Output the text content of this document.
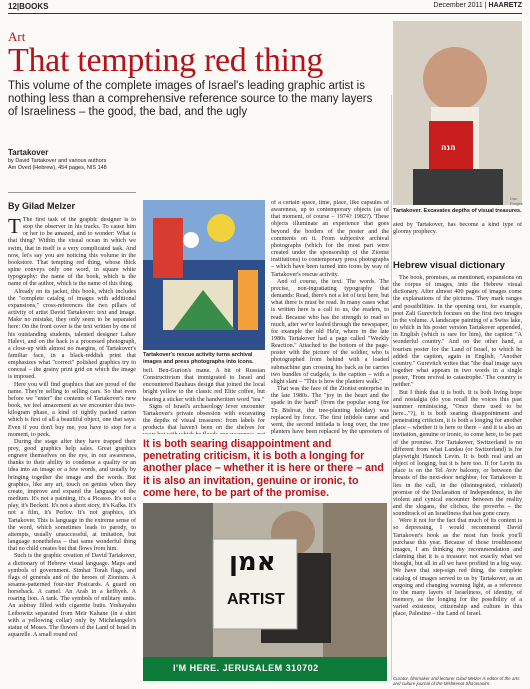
12|BOOKS	December 2011 | HAARETZ
Art
That tempting red thing
This volume of the complete images of Israel's leading graphic artist is nothing less than a comprehensive reference source to the many layers of Israeliness – the good, the bad, and the ugly
Tartakover
by David Tartakover and various authors
Am Oved (Hebrew), 454 pages, NIS 148
By Gilad Melzer

T The first task of the graphic designer is to stop the observer in his tracks. To cause him or her to be amazed, and to wonder: What is that thing? Within the visual ocean in which we swim, that in itself is a very complicated task. And now, let's say you are noticing this volume in the bookstore. That tempting red thing, whose thick spine conveys only one word, in square white typography: the name of the book, which is the name of the author, which is the name of this thing.

Already on its jacket, this book, which includes the "complete catalog of images with additional expansions," cross-references the two pillars of activity of artist David Tartakover: text and image. Make no mistake, they only seem to be separated here: On the front cover is the text written by one of his outstanding students, talented designer Lahav Halevi, and on the back is a processed photograph, a close-up with almost no margins, of Tartakover's familiar face, in a black-reddish print that emphasizes what "correct" polished graphics try to conceal – the grainy print grid on which the image is imposed.

Here you will find graphics that are proud of the name. They're selling to selling cars. So that even before we "enter" the contents of Tartakover's new book, we feel amazement as we encounter this two-kilogram phase, a kind of tightly packed carton which is first of all a beautiful object, one that says: Even if you don't buy me, you have to stop for a moment, to peek.

During the stage after they have trapped their prey, good graphics help sales. Great graphics engrave themselves on the eye, in our awareness, thanks to their ability to condense a quality or an idea into an image or a few words, and usually by bringing together the image and the words. But graphics, like any art, touch on genius when they create, improve and expand the language of the medium. It's not a painting, it's a Picasso. It's not a play, it's Beckett. It's not a short story, it's Kafka. It's not a film, it's Perlov. It's not graphics, it's Tartakover. This is language in the extreme sense of the word, which sometimes leads to parody, to attempts, usually unsuccessful, at imitation, but language nonetheless – that same wonderful thing that no child creates but that flows from him.

Such is the graphic creation of David Tartakover, a dictionary of Hebrew visual language. Maps and symbols of government. Simhat Torah flags, and flags of generals and of the heroes of Zionism. A sesame-patterned four-tier Postcards. A guard on horseback. A camel. An Arab in a keffiyeh. A roaring lion. A tank. The symbols of military units. An ashtray filled with cigarette butts. Yeshayahu Leibowitz separated from Meir Kahane (in a shirt with a yellowing collar) only by Michelangelo's statue of Moses. The flowers of the Land of Israel in aquarelle. A small round red

Tartakover's rescue activity turns archival images and press photographs into icons.

bell. Ben-Gurion's mane. A bit of Russian Constructivism that immigrated to Israel and encountered Bauhaus design that joined the local bright yellow to the classic red Elite coffee, but bearing a sticker with the handwritten word "tea."

Signs of Israel's archaeology fever encounter Tartakover's private obsession with excavating the depths of visual treasures: from labels for products that haven't been on the shelves for

of a certain space, time, place, like capsules of awareness, up to contemporary objects (as of that moment, of course – 1974? 1982?). These objects illuminate an experience that goes beyond the borders of the poster and the comments on it. From subjective archival photographs (which for the most part were created under the sponsorship of the Zionist institutions) to contemporary press photographs – which have been turned into icons by way of Tartakover's rescue activity.

And of course, the text. The words. The precise, non-ingratiating typography that demands: Read, there's not a lot of text here, but what there is must be read. In many cases what is written here is a call to us, the readers, to read. Because who has the strength to read so much, after we've leafed through the newspaper, for example the old Ha'ir, where in the late 1980s Tartakover had a page called "Weekly Reaction." Attached to the bottom of the page-poster with the picture of the soldier, who is photographed from behind with a loaded submachine gun crossing his back as he carries two bundles of cudgels, is the caption – with a slight slant – "This is how the planters walk."

That was the face of the Zionist enterprise in the late 1980s. The "joy in the heart and the spade in the hand" (from the popular song for Tu Bishvat, the tree-planting holiday) was replaced by force. The first infidels came and went, the second intifada is long over, the tree planters have been replaced by the uprooters of

It is both searing disappointment and penetrating criticism, it is both a longing for another place – whether it is here or there – and it is also an invitation, genuine or ironic, to come here, to be part of the promise.
אמן
ARTIST
I'M HERE. JERUSALEM 310702
הנה
Dan Porges
Tartakover. Excavates depths of visual treasures.

ated by Tartakover, has become a kind type of gloomy prophecy.

Hebrew visual dictionary

The book, promises, as mentioned, expansions on the corpus of images, into the Hebrew visual dictionary. After almost 400 pages of images come the explanations of the pictures. They mark ranges and possibilities. In the opening text, for example, poet Zali Gurevitch focuses on the first two images in the volume. A landscape painting of a Swiss lake, to which in his poster version Tartakover appended, in English (which is rare for him), the caption "A wonderful country." And on the other hand, a tourism poster for the Land of Israel, to which he added the caption, again in English, "Another country." Gurevitch writes that "the dual image says together what appears in two words in a single poster, 'From revival to catastrophe.' The country is neither."

But I think that it is both. It is both living hope and nostalgia (do you recall the voices this past summer reminiscing, "Once there used to be here..."?), it is both searing disappointment and penetrating criticism, it is both a longing for another place – whether it is here or there – and it is also an invitation, genuine or ironic, to come here, to be part of the promise. For Tartakover, Switzerland is no different from what Landau (or Switzerland) is for playwright Hanoch Levin. It is both real and an object of longing, but it is here too. If for Levin its place is on the Tel Aviv balcony, or between the breasts of the next-door neighbor, for Tartakover it lies in the call, in the (disintegrated, violated) promise of the Declaration of Independence, in the violent and cynical encounter between the reality and the slogans, the cliches, the proverbs – the soundtrack of an Israeliness that has gone crazy.

Were it not for the fact that much of its content is so depressing, I would recommend David Tartakover's book as the most fun book you'll purchase this year. Because of those troublesome images, I am thinking my recommendation and claiming that it is a treasure: not exactly what we thought, but all in all we have profited in a big way. We have that step-sign red thing, the complete catalog of images served to us by Tartakover, as an ongoing and changing warning light, as a reference to the many layers of Israeliness, of identity, of memory, as the longing for the possibility of a varied existence, citizenship and culture in this place, Palestine – the Land of Israel.

Curator, filmmaker and lecturer Gilad Melzer is editor of the arts and culture journal of the Mishkenot Sha'ananim.
